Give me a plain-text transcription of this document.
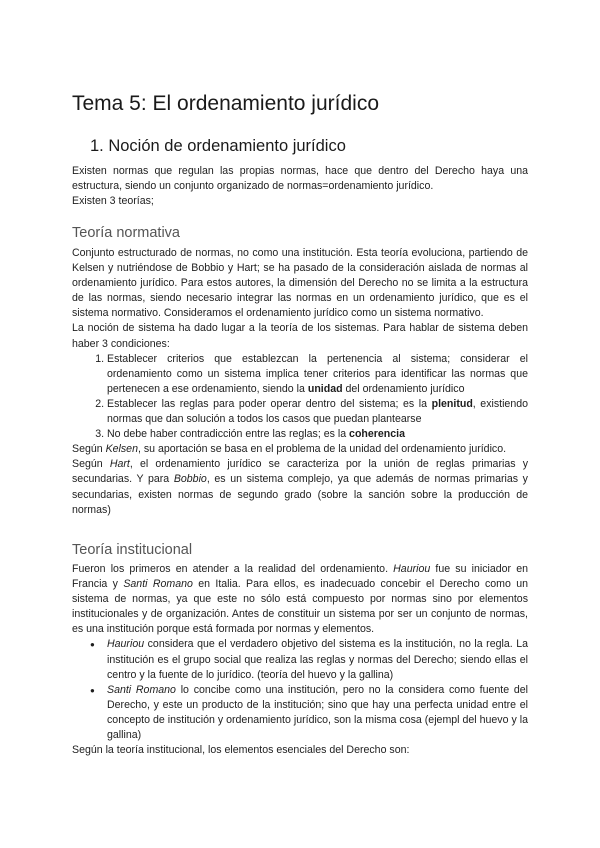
Tema 5: El ordenamiento jurídico
1. Noción de ordenamiento jurídico

Existen normas que regulan las propias normas, hace que dentro del Derecho haya una estructura, siendo un conjunto organizado de normas=ordenamiento jurídico.

Existen 3 teorías;

Teoría normativa

Conjunto estructurado de normas, no como una institución. Esta teoría evoluciona, partiendo de Kelsen y nutriéndose de Bobbio y Hart; se ha pasado de la consideración aislada de normas al ordenamiento jurídico. Para estos autores, la dimensión del Derecho no se limita a la estructura de las normas, siendo necesario integrar las normas en un ordenamiento jurídico, que es el sistema normativo. Consideramos el ordenamiento jurídico como un sistema normativo.

La noción de sistema ha dado lugar a la teoría de los sistemas. Para hablar de sistema deben haber 3 condiciones:

1. Establecer criterios que establezcan la pertenencia al sistema; considerar el ordenamiento como un sistema implica tener criterios para identificar las normas que pertenecen a ese ordenamiento, siendo la unidad del ordenamiento jurídico
2. Establecer las reglas para poder operar dentro del sistema; es la plenitud, existiendo normas que dan solución a todos los casos que puedan plantearse
3. No debe haber contradicción entre las reglas; es la coherencia

Según Kelsen, su aportación se basa en el problema de la unidad del ordenamiento jurídico.

Según Hart, el ordenamiento jurídico se caracteriza por la unión de reglas primarias y secundarias. Y para Bobbio, es un sistema complejo, ya que además de normas primarias y secundarias, existen normas de segundo grado (sobre la sanción sobre la producción de normas)

Teoría institucional

Fueron los primeros en atender a la realidad del ordenamiento. Hauriou fue su iniciador en Francia y Santi Romano en Italia. Para ellos, es inadecuado concebir el Derecho como un sistema de normas, ya que este no sólo está compuesto por normas sino por elementos institucionales y de organización. Antes de constituir un sistema por ser un conjunto de normas, es una institución porque está formada por normas y elementos.

● Hauriou considera que el verdadero objetivo del sistema es la institución, no la regla. La institución es el grupo social que realiza las reglas y normas del Derecho; siendo ellas el centro y la fuente de lo jurídico. (teoría del huevo y la gallina)
● Santi Romano lo concibe como una institución, pero no la considera como fuente del Derecho, y este un producto de la institución; sino que hay una perfecta unidad entre el concepto de institución y ordenamiento jurídico, son la misma cosa (ejempl del huevo y la gallina)

Según la teoría institucional, los elementos esenciales del Derecho son:
